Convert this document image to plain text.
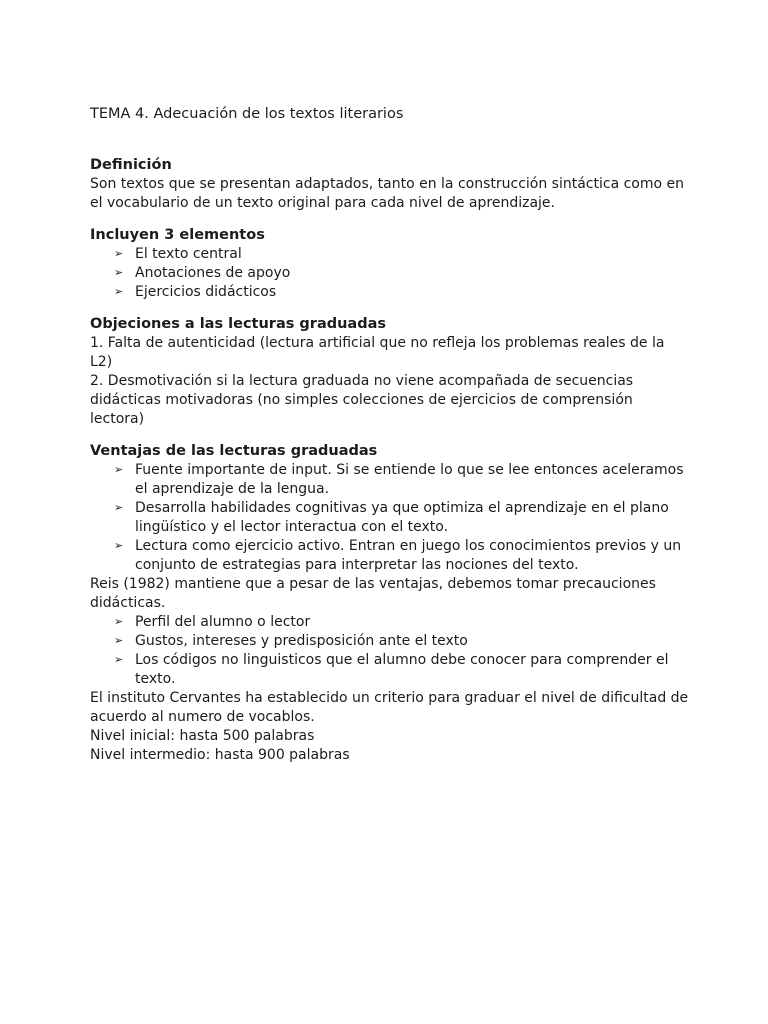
TEMA 4. Adecuación de los textos literarios

Definición

Son textos que se presentan adaptados, tanto en la construcción sintáctica como en el vocabulario de un texto original para cada nivel de aprendizaje.

Incluyen 3 elementos

➢ El texto central
➢ Anotaciones de apoyo
➢ Ejercicios didácticos

Objeciones a las lecturas graduadas

1. Falta de autenticidad (lectura artificial que no refleja los problemas reales de la L2)

2. Desmotivación si la lectura graduada no viene acompañada de secuencias didácticas motivadoras (no simples colecciones de ejercicios de comprensión lectora)

Ventajas de las lecturas graduadas

➢ Fuente importante de input. Si se entiende lo que se lee entonces aceleramos el aprendizaje de la lengua.
➢ Desarrolla habilidades cognitivas ya que optimiza el aprendizaje en el plano lingüístico y el lector interactua con el texto.
➢ Lectura como ejercicio activo. Entran en juego los conocimientos previos y un conjunto de estrategias para interpretar las nociones del texto.

Reis (1982) mantiene que a pesar de las ventajas, debemos tomar precauciones didácticas.

➢ Perfil del alumno o lector
➢ Gustos, intereses y predisposición ante el texto
➢ Los códigos no linguisticos que el alumno debe conocer para comprender el texto.

El instituto Cervantes ha establecido un criterio para graduar el nivel de dificultad de acuerdo al numero de vocablos.

Nivel inicial: hasta 500 palabras

Nivel intermedio: hasta 900 palabras
